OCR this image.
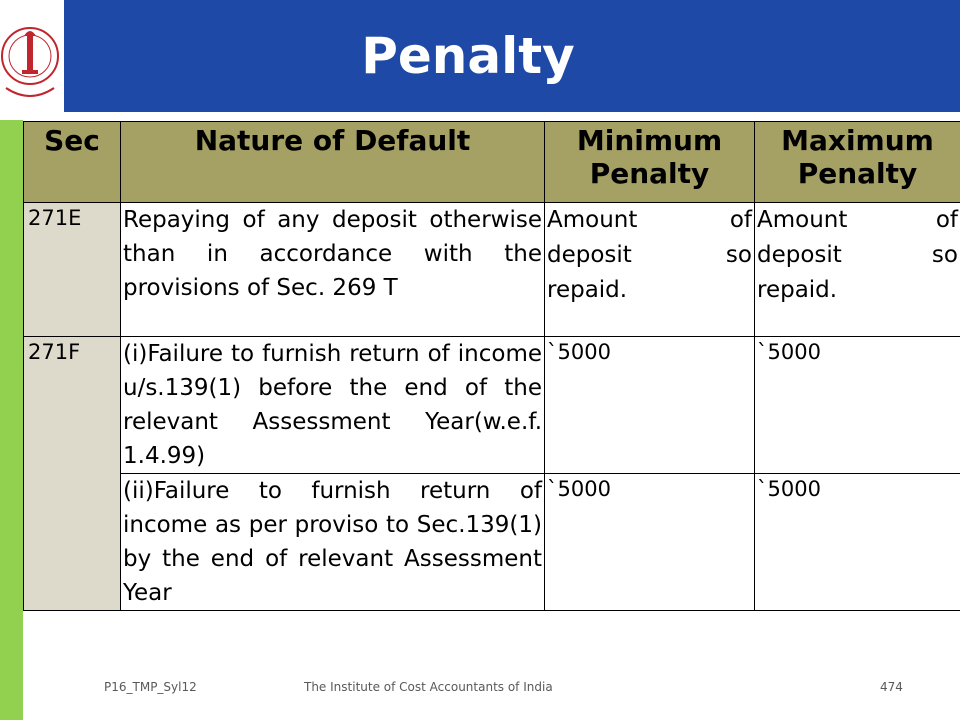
Penalty
Sec	Nature of Default	Minimum Penalty	Maximum Penalty
271E	Repaying of any deposit otherwise than in accordance with the provisions of Sec. 269 T	Amount of deposit so repaid.	Amount of deposit so repaid.
271F	(i)Failure to furnish return of income u/s.139(1) before the end of the relevant Assessment Year(w.e.f. 1.4.99)	`5000	`5000
	(ii)Failure to furnish return of income as per proviso to Sec.139(1) by the end of relevant Assessment Year	`5000	`5000
P16_TMP_Syl12	The Institute of Cost Accountants of India	474
